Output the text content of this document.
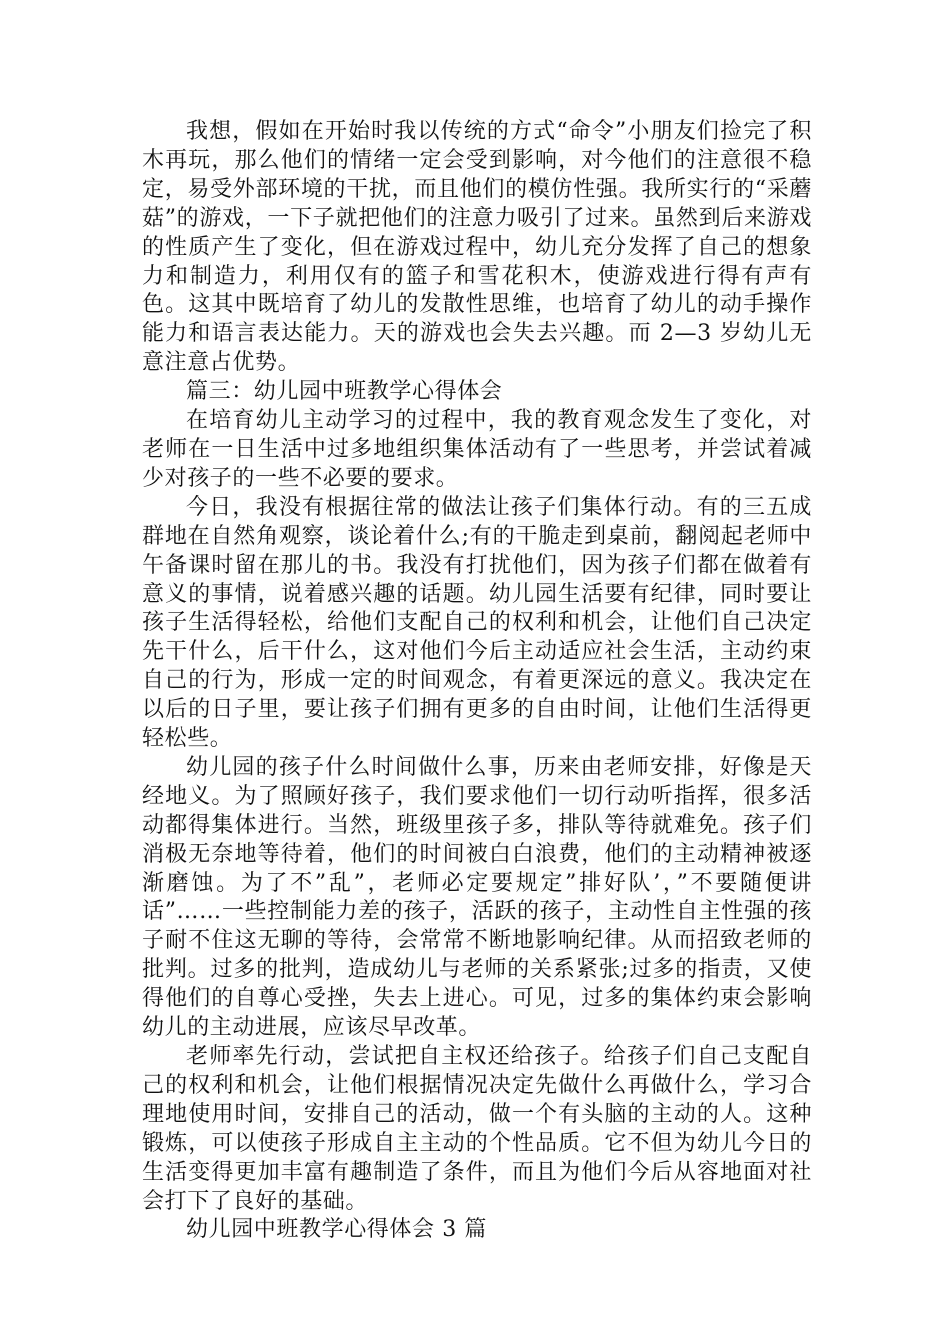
我想，假如在开始时我以传统的方式“命令”小朋友们捡完了积木再玩，那么他们的情绪一定会受到影响，对今他们的注意很不稳定，易受外部环境的干扰，而且他们的模仿性强。我所实行的“采蘑菇”的游戏，一下子就把他们的注意力吸引了过来。虽然到后来游戏的性质产生了变化，但在游戏过程中，幼儿充分发挥了自己的想象力和制造力，利用仅有的篮子和雪花积木，使游戏进行得有声有色。这其中既培育了幼儿的发散性思维，也培育了幼儿的动手操作能力和语言表达能力。天的游戏也会失去兴趣。而 2—3 岁幼儿无意注意占优势。

篇三：幼儿园中班教学心得体会

在培育幼儿主动学习的过程中，我的教育观念发生了变化，对老师在一日生活中过多地组织集体活动有了一些思考，并尝试着减少对孩子的一些不必要的要求。

今日，我没有根据往常的做法让孩子们集体行动。有的三五成群地在自然角观察，谈论着什么;有的干脆走到桌前，翻阅起老师中午备课时留在那儿的书。我没有打扰他们，因为孩子们都在做着有意义的事情，说着感兴趣的话题。幼儿园生活要有纪律，同时要让孩子生活得轻松，给他们支配自己的权利和机会，让他们自己决定先干什么，后干什么，这对他们今后主动适应社会生活，主动约束自己的行为，形成一定的时间观念，有着更深远的意义。我决定在以后的日子里，要让孩子们拥有更多的自由时间，让他们生活得更轻松些。

幼儿园的孩子什么时间做什么事，历来由老师安排，好像是天经地义。为了照顾好孩子，我们要求他们一切行动听指挥，很多活动都得集体进行。当然，班级里孩子多，排队等待就难免。孩子们消极无奈地等待着，他们的时间被白白浪费，他们的主动精神被逐渐磨蚀。为了不”乱”，老师必定要规定”排好队’，”不要随便讲话”……一些控制能力差的孩子，活跃的孩子，主动性自主性强的孩子耐不住这无聊的等待，会常常不断地影响纪律。从而招致老师的批判。过多的批判，造成幼儿与老师的关系紧张;过多的指责，又使得他们的自尊心受挫，失去上进心。可见，过多的集体约束会影响幼儿的主动进展，应该尽早改革。

老师率先行动，尝试把自主权还给孩子。给孩子们自己支配自己的权利和机会，让他们根据情况决定先做什么再做什么，学习合理地使用时间，安排自己的活动，做一个有头脑的主动的人。这种锻炼，可以使孩子形成自主主动的个性品质。它不但为幼儿今日的生活变得更加丰富有趣制造了条件，而且为他们今后从容地面对社会打下了良好的基础。

幼儿园中班教学心得体会 3 篇
